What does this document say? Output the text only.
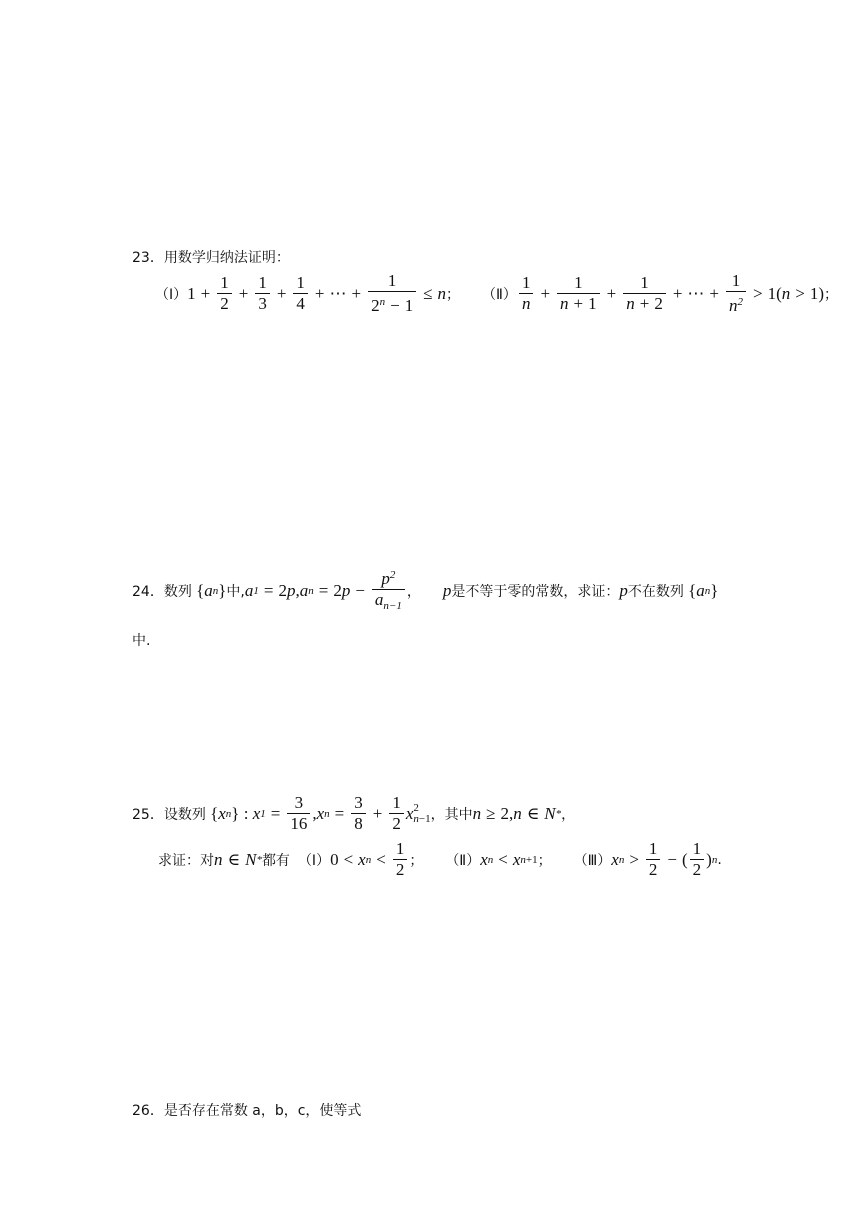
23．用数学归纳法证明：
（Ⅰ） $1 + \frac{1}{2} + \frac{1}{3} + \frac{1}{4}$ + ⋯ + $\frac{1}{2^n - 1} \le n$ ； （Ⅱ） $\frac{1}{n} + \frac{1}{n + 1} + \frac{1}{n + 2}$ + ⋯ + $\frac{1}{n^2} > 1$( n > 1) ；
24．数列 { a n } 中, a 1 = 2 p , a n = 2 $p - \frac{p^2}{a_{n-1}}$ ， p 是不等于零的常数，求证： p 不在数列 { a n }
中.
25．设数列 { x n } : x $1 = \frac{3}{16}$ , x $n = \frac{3}{8} + \frac{1}{2}$ x 2
n−1 ，其中 n ≥ 2, n ∈ N * ，
求证：对 n ∈ N * 都有 （Ⅰ） 0 < x $n < \frac{1}{2}$ ； （Ⅱ） x n < x n+1 ； （Ⅲ） x $n > \frac{1}{2}$ − ( $\frac{1}{2}$ ) n .
26．是否存在常数 a，b，c，使等式
